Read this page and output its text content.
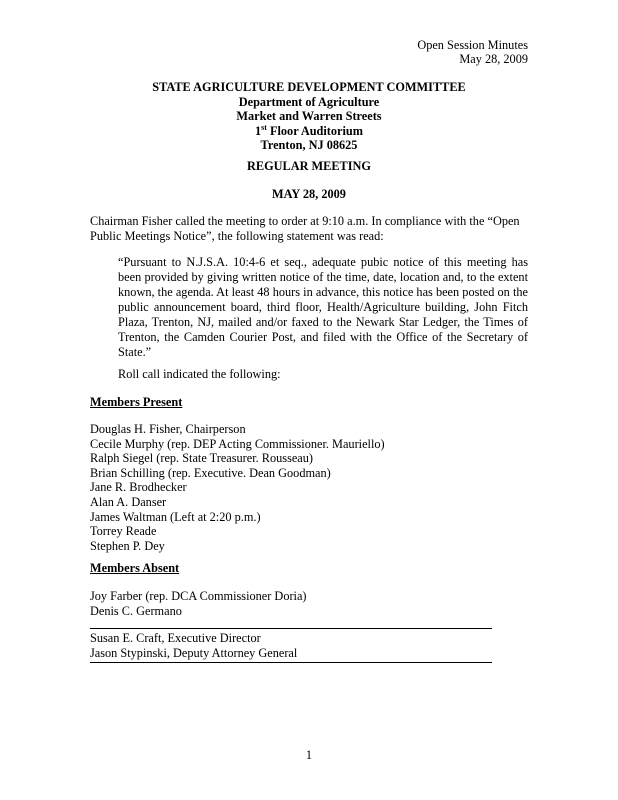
Open Session Minutes
May 28, 2009
STATE AGRICULTURE DEVELOPMENT COMMITTEE
Department of Agriculture
Market and Warren Streets
1st Floor Auditorium
Trenton, NJ 08625
REGULAR MEETING
MAY 28, 2009
Chairman Fisher called the meeting to order at 9:10 a.m. In compliance with the “Open Public Meetings Notice”, the following statement was read:
“Pursuant to N.J.S.A. 10:4-6 et seq., adequate pubic notice of this meeting has been provided by giving written notice of the time, date, location and, to the extent known, the agenda. At least 48 hours in advance, this notice has been posted on the public announcement board, third floor, Health/Agriculture building, John Fitch Plaza, Trenton, NJ, mailed and/or faxed to the Newark Star Ledger, the Times of Trenton, the Camden Courier Post, and filed with the Office of the Secretary of State.”
Roll call indicated the following:
Members Present
Douglas H. Fisher, Chairperson
Cecile Murphy (rep. DEP Acting Commissioner. Mauriello)
Ralph Siegel (rep. State Treasurer. Rousseau)
Brian Schilling (rep. Executive. Dean Goodman)
Jane R. Brodhecker
Alan A. Danser
James Waltman (Left at 2:20 p.m.)
Torrey Reade
Stephen P. Dey
Members Absent
Joy Farber (rep. DCA Commissioner Doria)
Denis C. Germano
Susan E. Craft, Executive Director
Jason Stypinski, Deputy Attorney General
1
